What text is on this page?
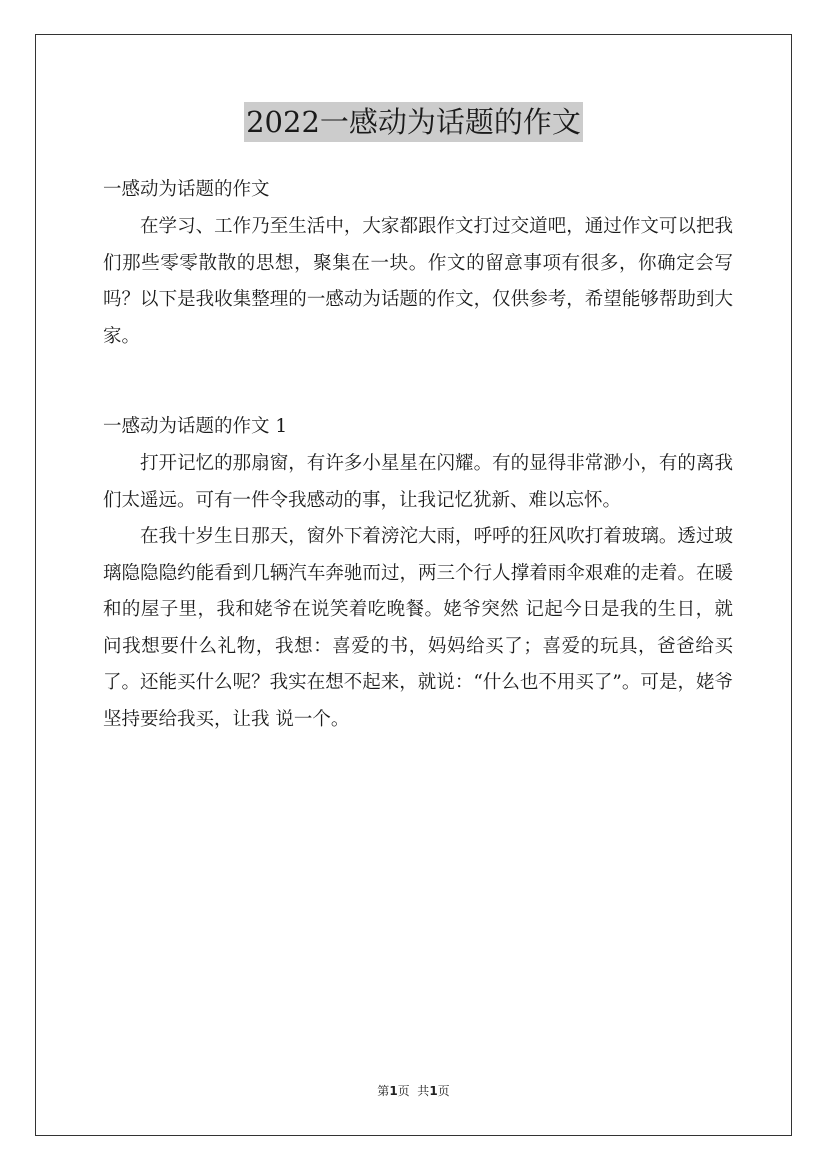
2022一感动为话题的作文

一感动为话题的作文

在学习、工作乃至生活中，大家都跟作文打过交道吧，通过作文可以把我们那些零零散散的思想，聚集在一块。作文的留意事项有很多，你确定会写吗？以下是我收集整理的一感动为话题的作文，仅供参考，希望能够帮助到大家。

一感动为话题的作文 1

打开记忆的那扇窗，有许多小星星在闪耀。有的显得非常渺小，有的离我们太遥远。可有一件令我感动的事，让我记忆犹新、难以忘怀。

在我十岁生日那天，窗外下着滂沱大雨，呼呼的狂风吹打着玻璃。透过玻璃隐隐隐约能看到几辆汽车奔驰而过，两三个行人撑着雨伞艰难的走着。在暖和的屋子里，我和姥爷在说笑着吃晚餐。姥爷突然 记起今日是我的生日，就问我想要什么礼物，我想：喜爱的书，妈妈给买了；喜爱的玩具，爸爸给买了。还能买什么呢？我实在想不起来，就说：“什么也不用买了”。可是，姥爷坚持要给我买，让我 说一个。

第1页  共1页
